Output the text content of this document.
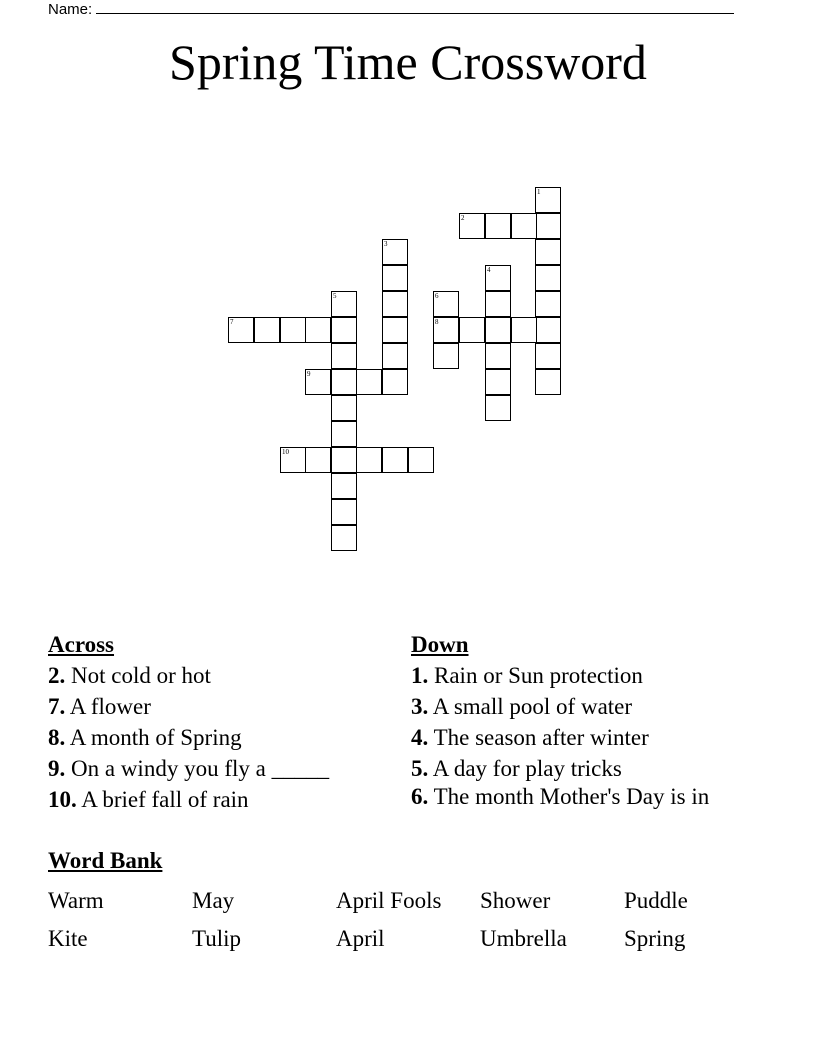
Name:
Spring Time Crossword
1
2
3
4
5	6
8
7
9
10
Across
2. Not cold or hot
7. A flower
8. A month of Spring
9. On a windy you fly a _____
10. A brief fall of rain
Down
1. Rain or Sun protection
3. A small pool of water
4. The season after winter
5. A day for play tricks
6. The month Mother's Day is in
Word Bank
Warm	May	April Fools	Shower	Puddle
Kite	Tulip	April	Umbrella	Spring
